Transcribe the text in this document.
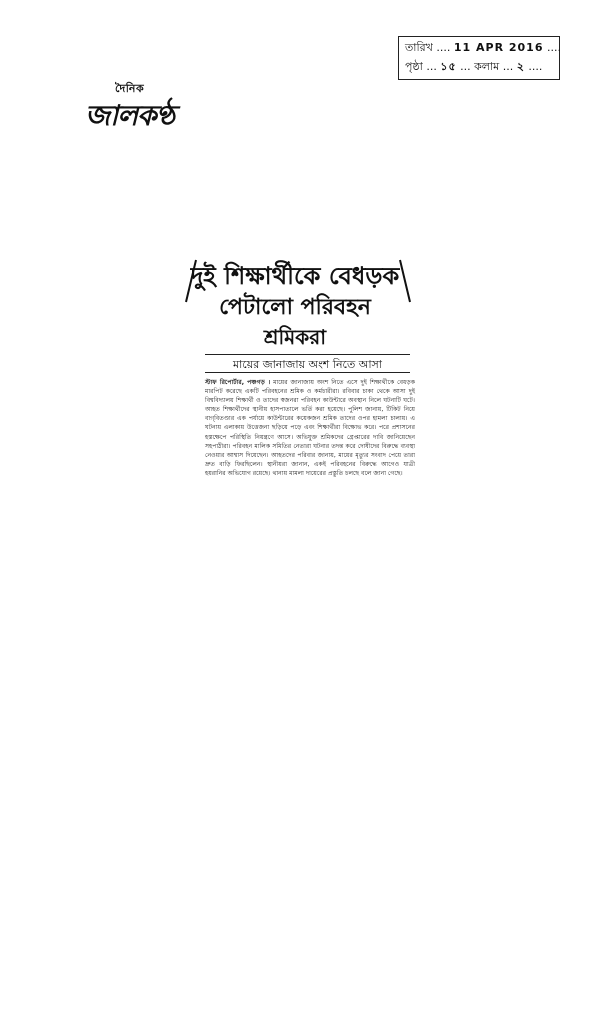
দৈনিক
জালকণ্ঠ
তারিখ .... 11 APR 2016 ....
পৃষ্ঠা ... ১৫ ... কলাম ... ২ ....
দুই শিক্ষার্থীকে বেধড়ক
পেটালো পরিবহন
শ্রমিকরা
মায়ের জানাজায় অংশ নিতে আসা
স্টাফ রিপোর্টার, পঞ্চগড় । মায়ের জানাজায় অংশ নিতে এসে দুই শিক্ষার্থীকে বেধড়ক মারপিট করেছে একটি পরিবহনের শ্রমিক ও কর্মচারীরা। রবিবার চাকা থেকে আসা দুই বিশ্ববিদ্যালয় শিক্ষার্থী ও তাদের স্বজনরা পরিবহন কাউন্টারে অবস্থান নিলে ঘটনাটি ঘটে। আহত শিক্ষার্থীদের স্থানীয় হাসপাতালে ভর্তি করা হয়েছে। পুলিশ জানায়, টিকিট নিয়ে বাগ্‌বিতণ্ডার এক পর্যায়ে কাউন্টারের কয়েকজন শ্রমিক তাদের ওপর হামলা চালায়। এ ঘটনায় এলাকায় উত্তেজনা ছড়িয়ে পড়ে এবং শিক্ষার্থীরা বিক্ষোভ করে। পরে প্রশাসনের হস্তক্ষেপে পরিস্থিতি নিয়ন্ত্রণে আসে। অভিযুক্ত শ্রমিকদের গ্রেপ্তারের দাবি জানিয়েছেন সহপাঠীরা। পরিবহন মালিক সমিতির নেতারা ঘটনার তদন্ত করে দোষীদের বিরুদ্ধে ব্যবস্থা নেওয়ার আশ্বাস দিয়েছেন। আহতদের পরিবার জানায়, মায়ের মৃত্যুর সংবাদ পেয়ে তারা দ্রুত বাড়ি ফিরছিলেন। স্থানীয়রা জানান, একই পরিবহনের বিরুদ্ধে আগেও যাত্রী হয়রানির অভিযোগ রয়েছে। থানায় মামলা দায়েরের প্রস্তুতি চলছে বলে জানা গেছে।
